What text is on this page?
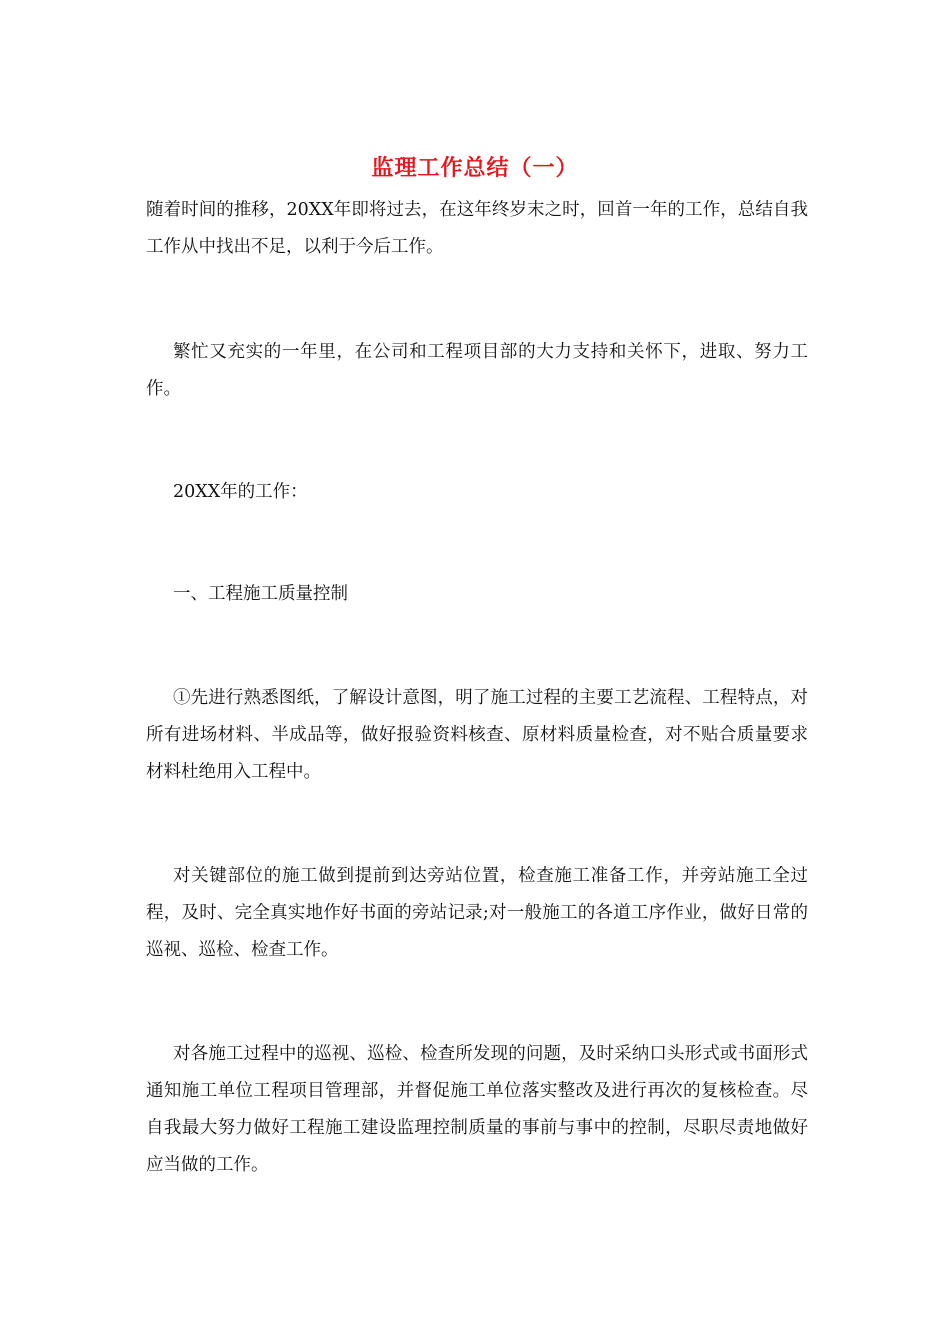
监理工作总结（一）
随着时间的推移，20XX年即将过去，在这年终岁末之时，回首一年的工作，总结自我工作从中找出不足，以利于今后工作。
繁忙又充实的一年里，在公司和工程项目部的大力支持和关怀下，进取、努力工作。
20XX年的工作：
一、工程施工质量控制
①先进行熟悉图纸，了解设计意图，明了施工过程的主要工艺流程、工程特点，对所有进场材料、半成品等，做好报验资料核查、原材料质量检查，对不贴合质量要求材料杜绝用入工程中。
对关键部位的施工做到提前到达旁站位置，检查施工准备工作，并旁站施工全过程，及时、完全真实地作好书面的旁站记录;对一般施工的各道工序作业，做好日常的巡视、巡检、检查工作。
对各施工过程中的巡视、巡检、检查所发现的问题，及时采纳口头形式或书面形式通知施工单位工程项目管理部，并督促施工单位落实整改及进行再次的复核检查。尽自我最大努力做好工程施工建设监理控制质量的事前与事中的控制，尽职尽责地做好应当做的工作。
